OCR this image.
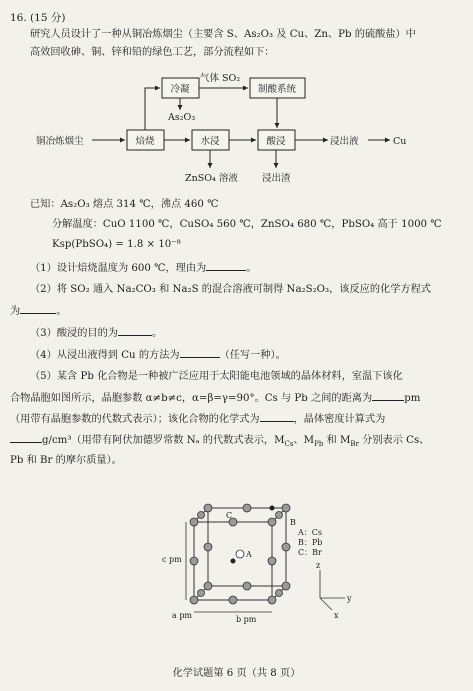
16. (15 分)
研究人员设计了一种从铜冶炼烟尘（主要含 S、As₂O₃ 及 Cu、Zn、Pb 的硫酸盐）中
高效回收砷、铜、锌和铅的绿色工艺，部分流程如下：
焙烧	水浸	酸浸
冷凝	制酸系统
铜冶炼烟尘	浸出液	Cu
气体 SO₂
As₂O₃
ZnSO₄ 溶液	浸出渣
已知：As₂O₃ 熔点 314 ℃，沸点 460 ℃
分解温度：CuO 1100 ℃，CuSO₄ 560 ℃，ZnSO₄ 680 ℃，PbSO₄ 高于 1000 ℃
Ksp(PbSO₄) = 1.8 × 10⁻⁸
（1）设计焙烧温度为 600 ℃，理由为	。
（2）将 SO₂ 通入 Na₂CO₃ 和 Na₂S 的混合溶液可制得 Na₂S₂O₃，该反应的化学方程式
为	。
（3）酸浸的目的为	。
（4）从浸出液得到 Cu 的方法为	（任写一种）。
（5）某含 Pb 化合物是一种被广泛应用于太阳能电池领域的晶体材料，室温下该化
合物晶胞如图所示，晶胞参数 α≠b≠c，α=β=γ=90°。Cs 与 Pb 之间的距离为	pm
（用带有晶胞参数的代数式表示）；该化合物的化学式为	，晶体密度计算式为
g/cm³（用带有阿伏加德罗常数 Nₐ 的代数式表示，$M_{Cs}$、$M_{Pb}$ 和 $M_{Br}$ 分别表示 Cs、
Pb 和 Br 的摩尔质量）。
A
B
C
c pm
a pm	b pm
A：Cs
B：Pb
C：Br
z
y
x
化学试题第 6 页（共 8 页）
